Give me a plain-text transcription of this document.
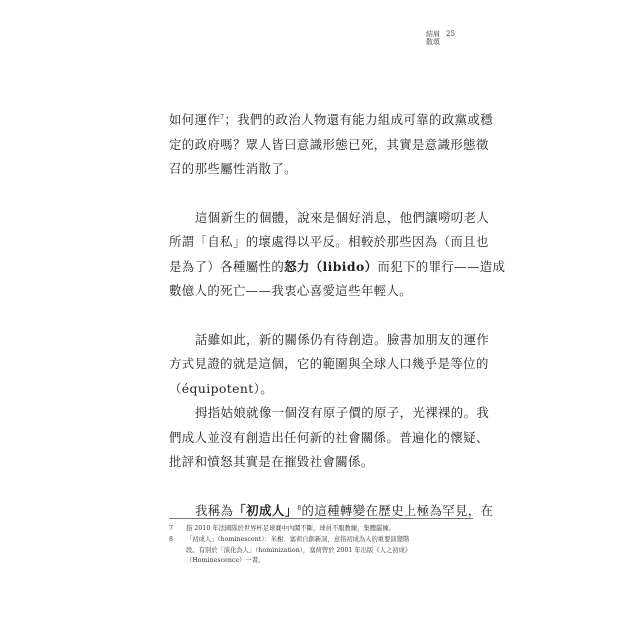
結肩
散頌
25
如何運作$^7$；我們的政治人物還有能力組成可靠的政黨或穩
定的政府嗎？眾人皆曰意識形態已死，其實是意識形態徵
召的那些屬性消散了。
這個新生的個體，說來是個好消息，他們讓嘮叨老人
所謂「自私」的壞處得以平反。相較於那些因為（而且也
是為了）各種屬性的怒力（libido）而犯下的罪行——造成
數億人的死亡——我衷心喜愛這些年輕人。
話雖如此，新的關係仍有待創造。臉書加朋友的運作
方式見證的就是這個，它的範圍與全球人口幾乎是等位的
（équipotent）。
拇指姑娘就像一個沒有原子價的原子，光裸裸的。我
們成人並沒有創造出任何新的社會關係。普遍化的懷疑、
批評和憤怒其實是在摧毀社會關係。
我稱為「初成人」$^8$的這種轉變在歷史上極為罕見，在
7	指 2010 年法國隊於世界杯足球賽中內鬨不斷，球員不服教練，集體罷練。
8	「初成人」（hominescent）：米榭．塞荷自創新詞，意指初成為人的重要演變階
段。有別於「演化為人」（hominization），塞荷曾於 2001 年出版《人之初成》
（Hominescence）一書。
